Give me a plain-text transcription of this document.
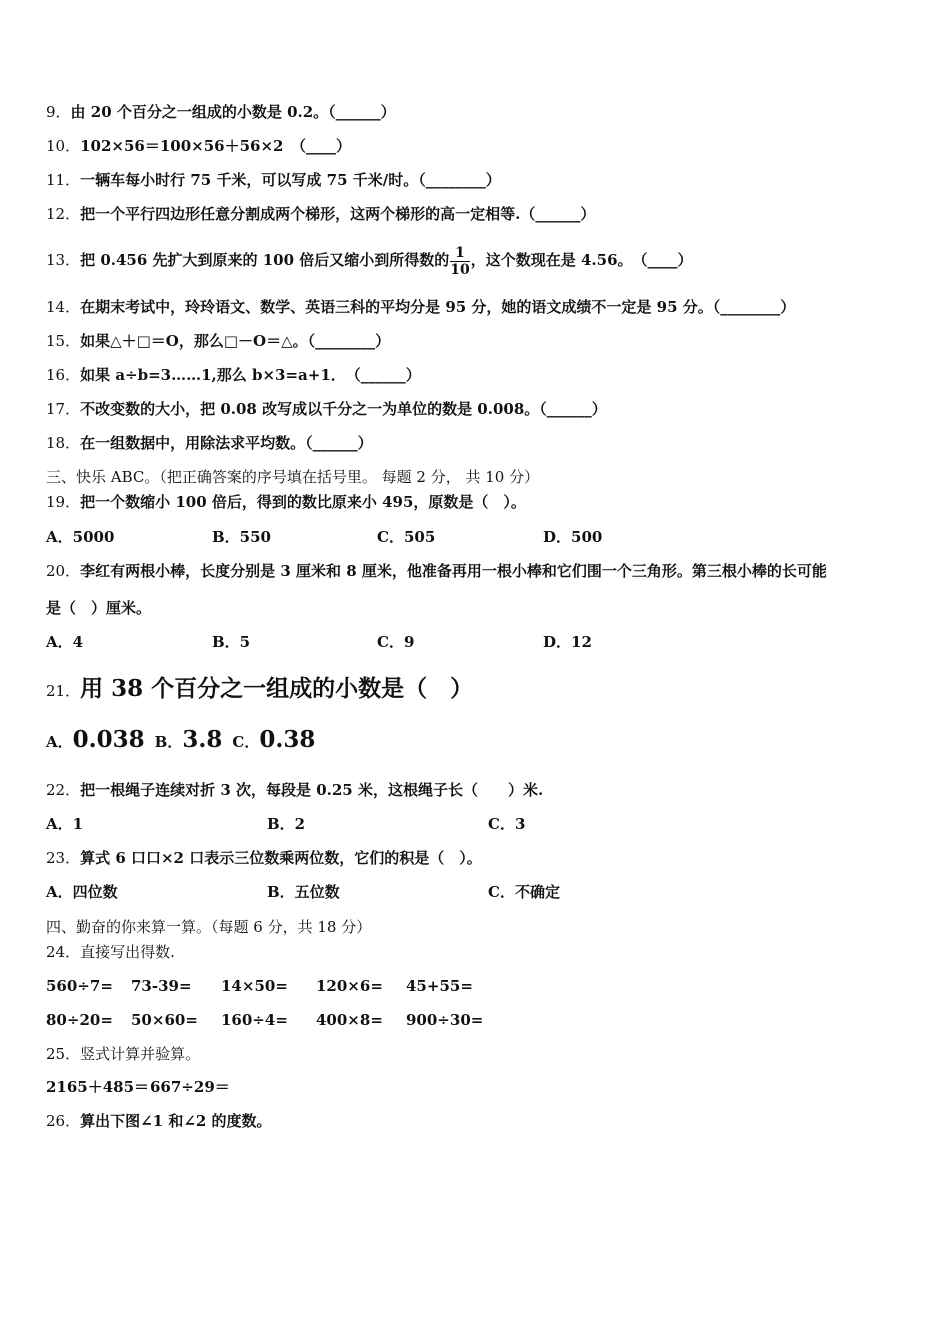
9．由 20 个百分之一组成的小数是 0.2。（______）
10．102×56＝100×56＋56×2　（____）
11．一辆车每小时行 75 千米，可以写成 75 千米/时。（________）
12．把一个平行四边形任意分割成两个梯形，这两个梯形的高一定相等.（______）
13．把 0.456 先扩大到原来的 100 倍后又缩小到所得数的 $\frac{1}{10}$ ，这个数现在是 4.56。　（____）
14．在期末考试中，玲玲语文、数学、英语三科的平均分是 95 分，她的语文成绩不一定是 95 分。（________）
15．如果△＋□＝O，那么□－O＝△。（________）
16．如果 a÷b=3……1,那么 b×3=a+1．　（______）
17．不改变数的大小，把 0.08 改写成以千分之一为单位的数是 0.008。（______）
18．在一组数据中，用除法求平均数。（______）
三、快乐 ABC。（把正确答案的序号填在括号里。 每题 2 分， 共 10 分）
19．把一个数缩小 100 倍后，得到的数比原来小 495，原数是（　）。
A．5000	B．550	C．505	D．500
20．李红有两根小棒，长度分别是 3 厘米和 8 厘米，他准备再用一根小棒和它们围一个三角形。第三根小棒的长可能
是（　）厘米。
A．4	B．5	C．9	D．12
21．用 38 个百分之一组成的小数是（　）
A．0.038 B．3.8 C．0.38
22．把一根绳子连续对折 3 次，每段是 0.25 米，这根绳子长（　　）米.
A．1	B．2	C．3
23．算式 6 口口×2 口表示三位数乘两位数，它们的积是（　）。
A．四位数	B．五位数	C．不确定
四、勤奋的你来算一算。（每题 6 分，共 18 分）
24．直接写出得数.
560÷7= 73-39= 14×50= 120×6= 45+55=
80÷20= 50×60= 160÷4= 400×8= 900÷30=
25．竖式计算并验算。
2165＋485＝ 667÷29＝
26．算出下图∠1 和∠2 的度数。
